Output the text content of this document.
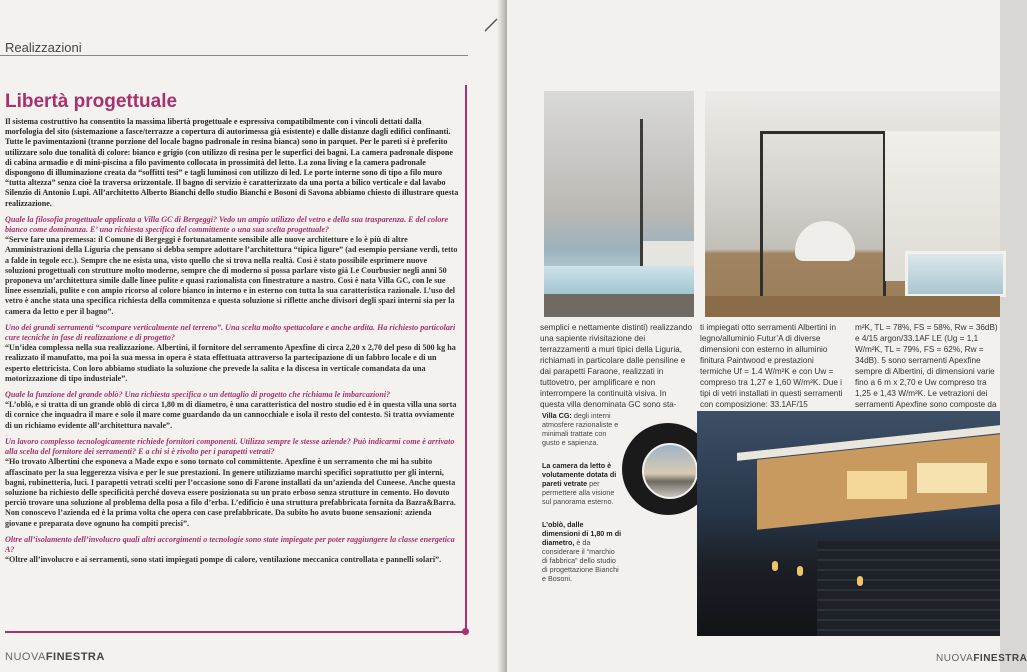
Realizzazioni
Libertà progettuale

Il sistema costruttivo ha consentito la massima libertà progettuale e espressiva compatibilmente con i vincoli dettati dalla morfologia del sito (sistemazione a fasce/terrazze a copertura di autorimessa già esistente) e dalle distanze dagli edifici confinanti.
Tutte le pavimentazioni (tranne porzione del locale bagno padronale in resina bianca) sono in parquet. Per le pareti si è preferito utilizzare solo due tonalità di colore: bianco e grigio (con utilizzo di resina per le superfici dei bagni. La camera padronale dispone di cabina armadio e di mini-piscina a filo pavimento collocata in prossimità del letto. La zona living e la camera padronale dispongono di illuminazione creata da “soffitti tesi” e tagli luminosi con utilizzo di led. Le porte interne sono di tipo a filo muro “tutta altezza” senza cioè la traversa orizzontale. Il bagno di servizio è caratterizzato da una porta a bilico verticale e dal lavabo Silenzio di Antonio Lupi. All’architetto Alberto Bianchi dello studio Bianchi e Bosoni di Savona abbiamo chiesto di illustrare questa realizzazione.

Quale la filosofia progettuale applicata a Villa GC di Bergeggi? Vedo un ampio utilizzo del vetro e della sua trasparenza. E del colore bianco come dominanza. E’ una richiesta specifica del committente o una sua scelta progettuale?
“Serve fare una premessa: il Comune di Bergeggi è fortunatamente sensibile alle nuove architetture e lo è più di altre Amministrazioni della Liguria che pensano si debba sempre adottare l’architettura “tipica ligure” (ad esempio persiane verdi, tetto a falde in tegole ecc.). Sempre che ne esista una, visto quello che si trova nella realtà. Così è stato possibile esprimere nuove soluzioni progettuali con strutture molto moderne, sempre che di moderno si possa parlare visto già Le Courbusier negli anni 50 proponeva un’architettura simile dalle linee pulite e quasi razionalista con finestrature a nastro. Così è nata Villa GC, con le sue linee essenziali, pulite e con ampio ricorso al colore bianco in interno e in esterno con tutta la sua caratteristica razionale. L’uso del vetro è anche stata una specifica richiesta della commitenza e questa soluzione si riflette anche divisori degli spazi interni sia per la camera da letto e per il bagno”.

Uno dei grandi serramenti “scompare verticalmente nel terreno”. Una scelta molto spettacolare e anche ardita. Ha richiesto particolari cure tecniche in fase di realizzazione e di progetto?
“Un’idea complessa nella sua realizzazione. Albertini, il fornitore del serramento Apexfine di circa 2,20 x 2,70 del peso di 500 kg ha realizzato il manufatto, ma poi la sua messa in opera è stata effettuata attraverso la partecipazione di un fabbro locale e di un esperto elettricista. Con loro abbiamo studiato la soluzione che prevede la salita e la discesa in verticale comandata da una motorizzazione di tipo industriale”.

Quale la funzione del grande oblò? Una richiesta specifica o un dettaglio di progetto che richiama le imbarcazioni?
“L’oblò, e si tratta di un grande oblò di circa 1,80 m di diametro, è una caratteristica del nostro studio ed è in questa villa una sorta di cornice che inquadra il mare e solo il mare come guardando da un cannocchiale e isola il resto del contesto. Si tratta ovviamente di un richiamo evidente all’architettura navale”.

Un lavoro complesso tecnologicamente richiede fornitori componenti. Utilizza sempre le stesse aziende? Può indicarmi come è arrivato alla scelta del fornitore dei serramenti? E a chi si è rivolto per i parapetti vetrati?
“Ho trovato Albertini che esponeva a Made expo e sono tornato col committente. Apexfine è un serramento che mi ha subito affascinato per la sua leggerezza visiva e per le sue prestazioni. In genere utilizziamo marchi specifici soprattutto per gli interni, bagni, rubinetteria, luci. I parapetti vetrati scelti per l’occasione sono di Farone installati da un’azienda del Cuneese. Anche questa soluzione ha richiesto delle specificità perché doveva essere posizionata su un prato erboso senza strutture in cemento. Ho dovuto perciò trovare una soluzione al problema della posa a filo d’erba. L’edificio è una struttura prefabbricata fornita da Bazra&Barra. Non conoscevo l’azienda ed è la prima volta che opera con case prefabbricate. Da subito ho avuto buone sensazioni: azienda giovane e preparata dove ognuno ha compiti precisi”.

Oltre all’isolamento dell’involucro quali altri accorgimenti o tecnologie sono state impiegate per poter raggiungere la classe energetica A?
“Oltre all’involucro e ai serramenti, sono stati impiegati pompe di calore, ventilazione meccanica controllata e pannelli solari”.

NUOVAFINESTRA

semplici e nettamente distinti) realizzando una sapiente rivisitazione dei terrazzamenti a muri tipici della Liguria, richiamati in particolare dalle pensiline e dai parapetti Faraone, realizzati in tuttovetro, per amplificare e non interrompere la continuità visiva. In questa villa denominata GC sono sta-

ti impiegati otto serramenti Albertini in legno/alluminio Futur’A di diverse dimensioni con esterno in alluminio finitura Paintwood e prestazioni termiche Uf = 1.4 W/m²K e con Uw = compreso tra 1,27 e 1,60 W/m²K. Due i tipi di vetri installati in questi serramenti con composizione: 33.1AF/15

m²K, TL = 78%, FS = 58%, Rw = 36dB) e 4/15 argon/33.1AF LE (Ug = 1,1 W/m²K, TL = 79%, FS = 62%, Rw = 34dB). 5 sono serramenti Apexfine sempre di Albertini, di dimensioni varie fino a 6 m x 2,70 e Uw compreso tra 1,25 e 1,43 W/m²K. Le vetrazioni dei serramenti Apexfine sono composte da

Villa CG: degli interni atmosfere razionaliste e minimali trattate con gusto e sapienza.
La camera da letto è volutamente dotata di pareti vetrate per permettere alla visione sul panorama esterno.
L’oblò, dalle dimensioni di 1,80 m di diametro, è da considerare il “marchio di fabbrica” dello studio di progettazione Bianchi e Bosoni.
NUOVAFINESTRA
